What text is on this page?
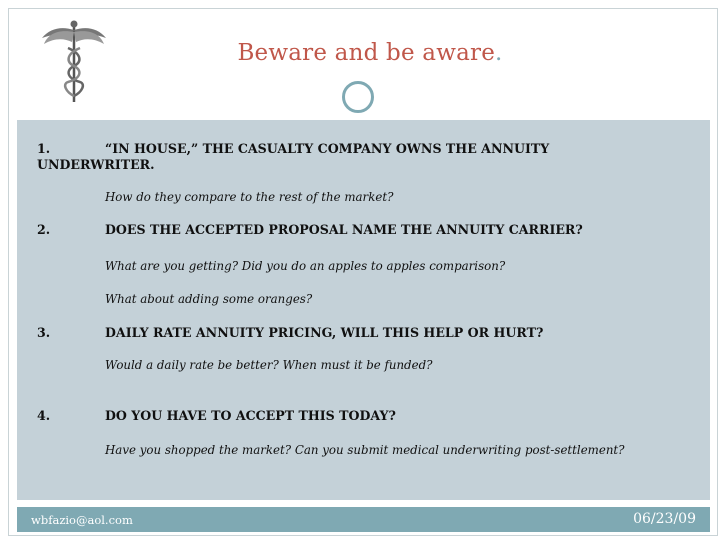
Beware and be aware.
1.	“IN HOUSE,” THE CASUALTY COMPANY OWNS THE ANNUITY
UNDERWRITER.
How do they compare to the rest of the market?
2.	DOES THE ACCEPTED PROPOSAL NAME THE ANNUITY CARRIER?
What are you getting? Did you do an apples to apples comparison?
What about adding some oranges?
3.	DAILY RATE ANNUITY PRICING, WILL THIS HELP OR HURT?
Would a daily rate be better? When must it be funded?
4.	DO YOU HAVE TO ACCEPT THIS TODAY?
Have you shopped the market? Can you submit medical underwriting post-settlement?
wbfazio@aol.com	06/23/09
